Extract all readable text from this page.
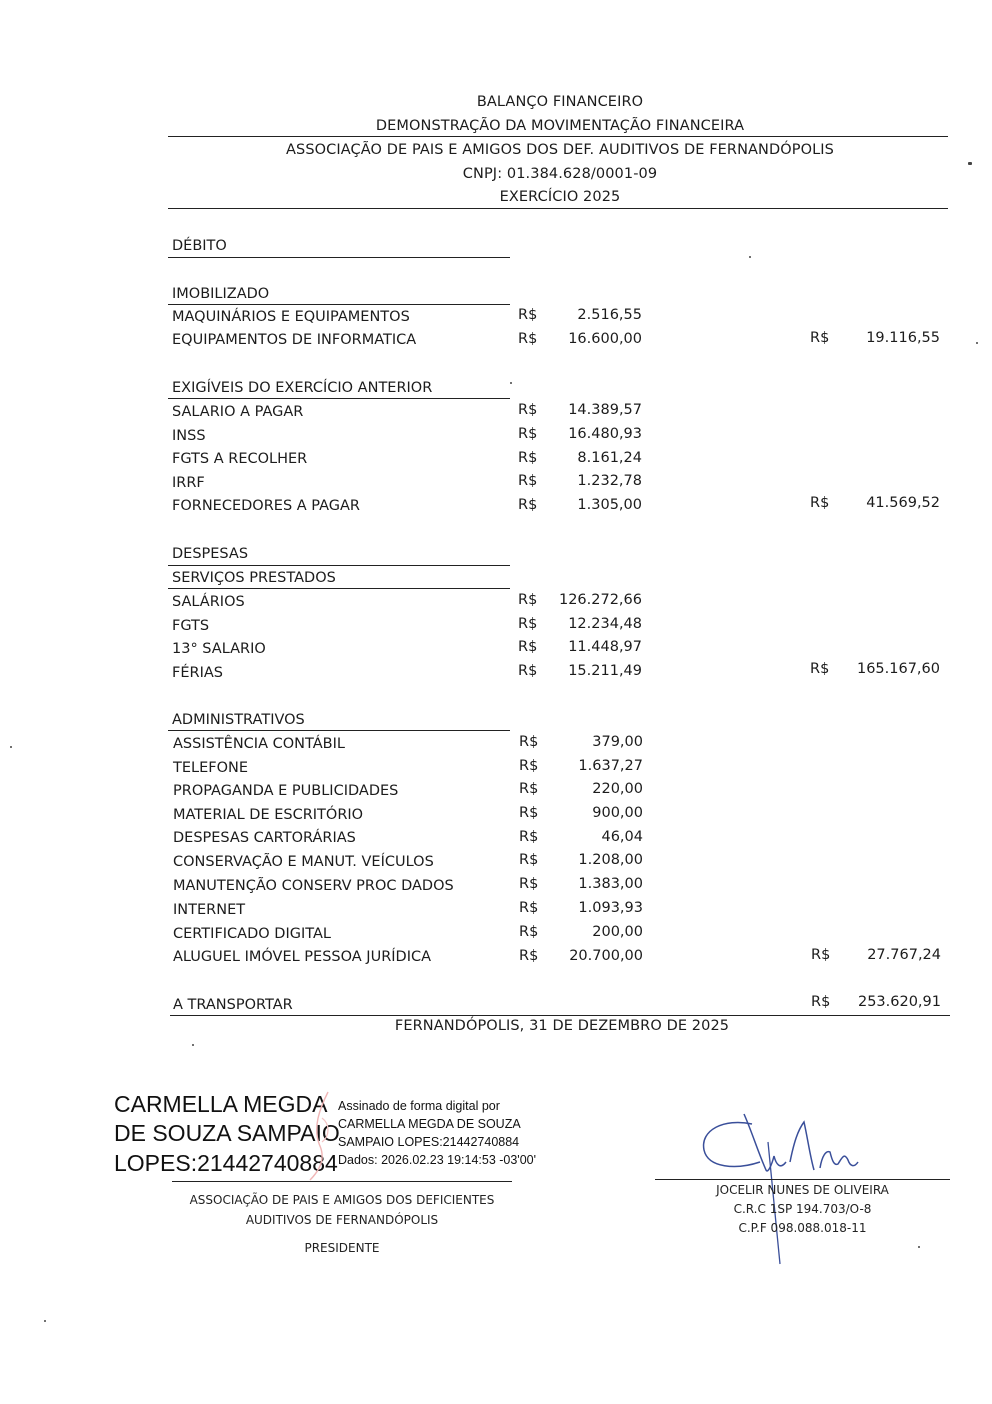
BALANÇO FINANCEIRO
DEMONSTRAÇÃO DA MOVIMENTAÇÃO FINANCEIRA
ASSOCIAÇÃO DE PAIS E AMIGOS DOS DEF. AUDITIVOS DE FERNANDÓPOLIS
CNPJ: 01.384.628/0001-09
EXERCÍCIO 2025
DÉBITO
IMOBILIZADO
MAQUINÁRIOS E EQUIPAMENTOS	R$	2.516,55
EQUIPAMENTOS DE INFORMATICA	R$	16.600,00	R$	19.116,55
EXIGÍVEIS DO EXERCÍCIO ANTERIOR
SALARIO A PAGAR	R$	14.389,57
INSS	R$	16.480,93
FGTS A RECOLHER	R$	8.161,24
IRRF	R$	1.232,78
FORNECEDORES A PAGAR	R$	1.305,00	R$	41.569,52
DESPESAS
SERVIÇOS PRESTADOS
SALÁRIOS	R$	126.272,66
FGTS	R$	12.234,48
13° SALARIO	R$	11.448,97
FÉRIAS	R$	15.211,49	R$	165.167,60
ADMINISTRATIVOS
ASSISTÊNCIA CONTÁBIL	R$	379,00
TELEFONE	R$	1.637,27
PROPAGANDA E PUBLICIDADES	R$	220,00
MATERIAL DE ESCRITÓRIO	R$	900,00
DESPESAS CARTORÁRIAS	R$	46,04
CONSERVAÇÃO E MANUT. VEÍCULOS	R$	1.208,00
MANUTENÇÃO CONSERV PROC DADOS	R$	1.383,00
INTERNET	R$	1.093,93
CERTIFICADO DIGITAL	R$	200,00
ALUGUEL IMÓVEL PESSOA JURÍDICA	R$	20.700,00	R$	27.767,24
A TRANSPORTAR	R$	253.620,91
FERNANDÓPOLIS, 31 DE DEZEMBRO DE 2025
CARMELLA MEGDA
DE SOUZA SAMPAIO
LOPES:21442740884
Assinado de forma digital por
CARMELLA MEGDA DE SOUZA
SAMPAIO LOPES:21442740884
Dados: 2026.02.23 19:14:53 -03'00'
ASSOCIAÇÃO DE PAIS E AMIGOS DOS DEFICIENTES
AUDITIVOS DE FERNANDÓPOLIS
PRESIDENTE
JOCELIR NUNES DE OLIVEIRA
C.R.C 1SP 194.703/O-8
C.P.F 098.088.018-11
